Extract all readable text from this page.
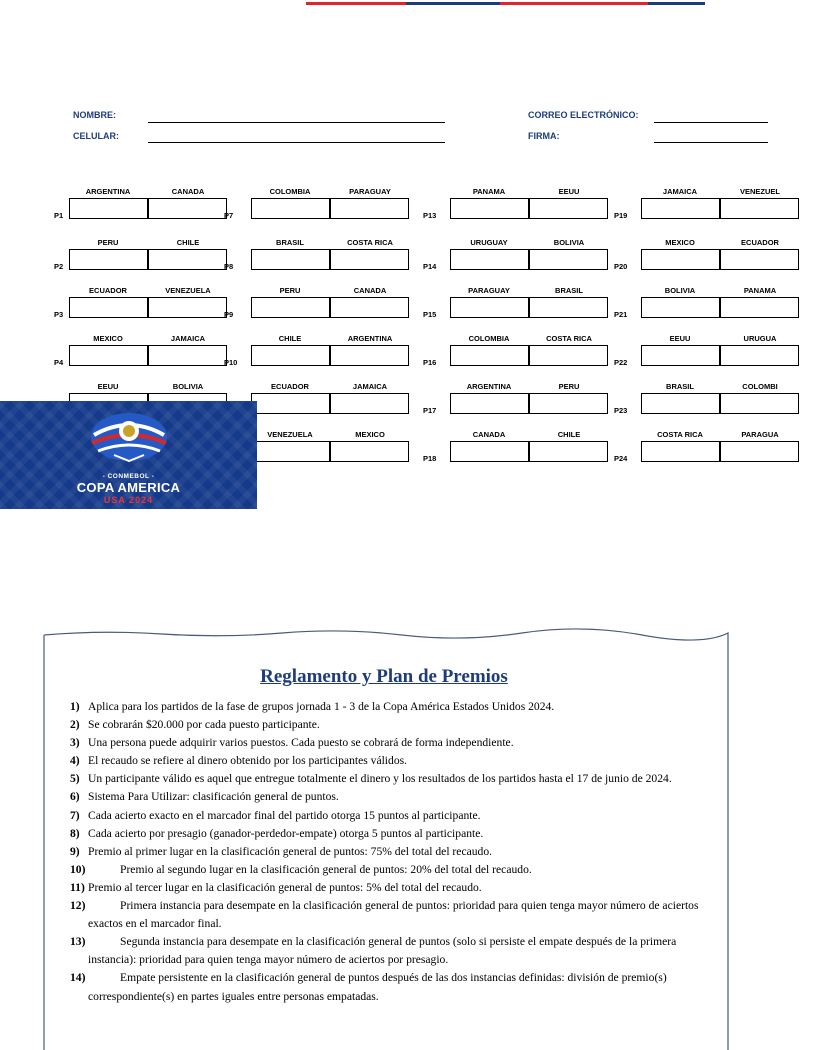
NOMBRE:
CELULAR:
CORREO ELECTRÓNICO:
FIRMA:
ARGENTINA	CANADA
P1
PERU	CHILE
P2
ECUADOR	VENEZUELA
P3
MEXICO	JAMAICA
P4
EEUU	BOLIVIA
COLOMBIA	PARAGUAY
P7
BRASIL	COSTA RICA
P8
PERU	CANADA
P9
CHILE	ARGENTINA
P10
ECUADOR	JAMAICA
VENEZUELA	MEXICO
PANAMA	EEUU
P13
URUGUAY	BOLIVIA
P14
PARAGUAY	BRASIL
P15
COLOMBIA	COSTA RICA
P16
ARGENTINA	PERU
P17
CANADA	CHILE
P18
JAMAICA	VENEZUEL
P19
MEXICO	ECUADOR
P20
BOLIVIA	PANAMA
P21
EEUU	URUGUA
P22
BRASIL	COLOMBI
P23
COSTA RICA	PARAGUA
P24
- CONMEBOL -
COPA AMERICA
USA 2024
Reglamento y Plan de Premios
1) Aplica para los partidos de la fase de grupos jornada 1 - 3 de la Copa América Estados Unidos 2024.
2) Se cobrarán $20.000 por cada puesto participante.
3) Una persona puede adquirir varios puestos. Cada puesto se cobrará de forma independiente.
4) El recaudo se refiere al dinero obtenido por los participantes válidos.
5) Un participante válido es aquel que entregue totalmente el dinero y los resultados de los partidos hasta el 17 de junio de 2024.
6) Sistema Para Utilizar: clasificación general de puntos.
7) Cada acierto exacto en el marcador final del partido otorga 15 puntos al participante.
8) Cada acierto por presagio (ganador-perdedor-empate) otorga 5 puntos al participante.
9) Premio al primer lugar en la clasificación general de puntos: 75% del total del recaudo.
10)	Premio al segundo lugar en la clasificación general de puntos: 20% del total del recaudo.
11) Premio al tercer lugar en la clasificación general de puntos: 5% del total del recaudo.
12)	Primera instancia para desempate en la clasificación general de puntos: prioridad para quien tenga mayor número de aciertos exactos en el marcador final.
13)	Segunda instancia para desempate en la clasificación general de puntos (solo si persiste el empate después de la primera instancia): prioridad para quien tenga mayor número de aciertos por presagio.
14)	Empate persistente en la clasificación general de puntos después de las dos instancias definidas: división de premio(s) correspondiente(s) en partes iguales entre personas empatadas.
